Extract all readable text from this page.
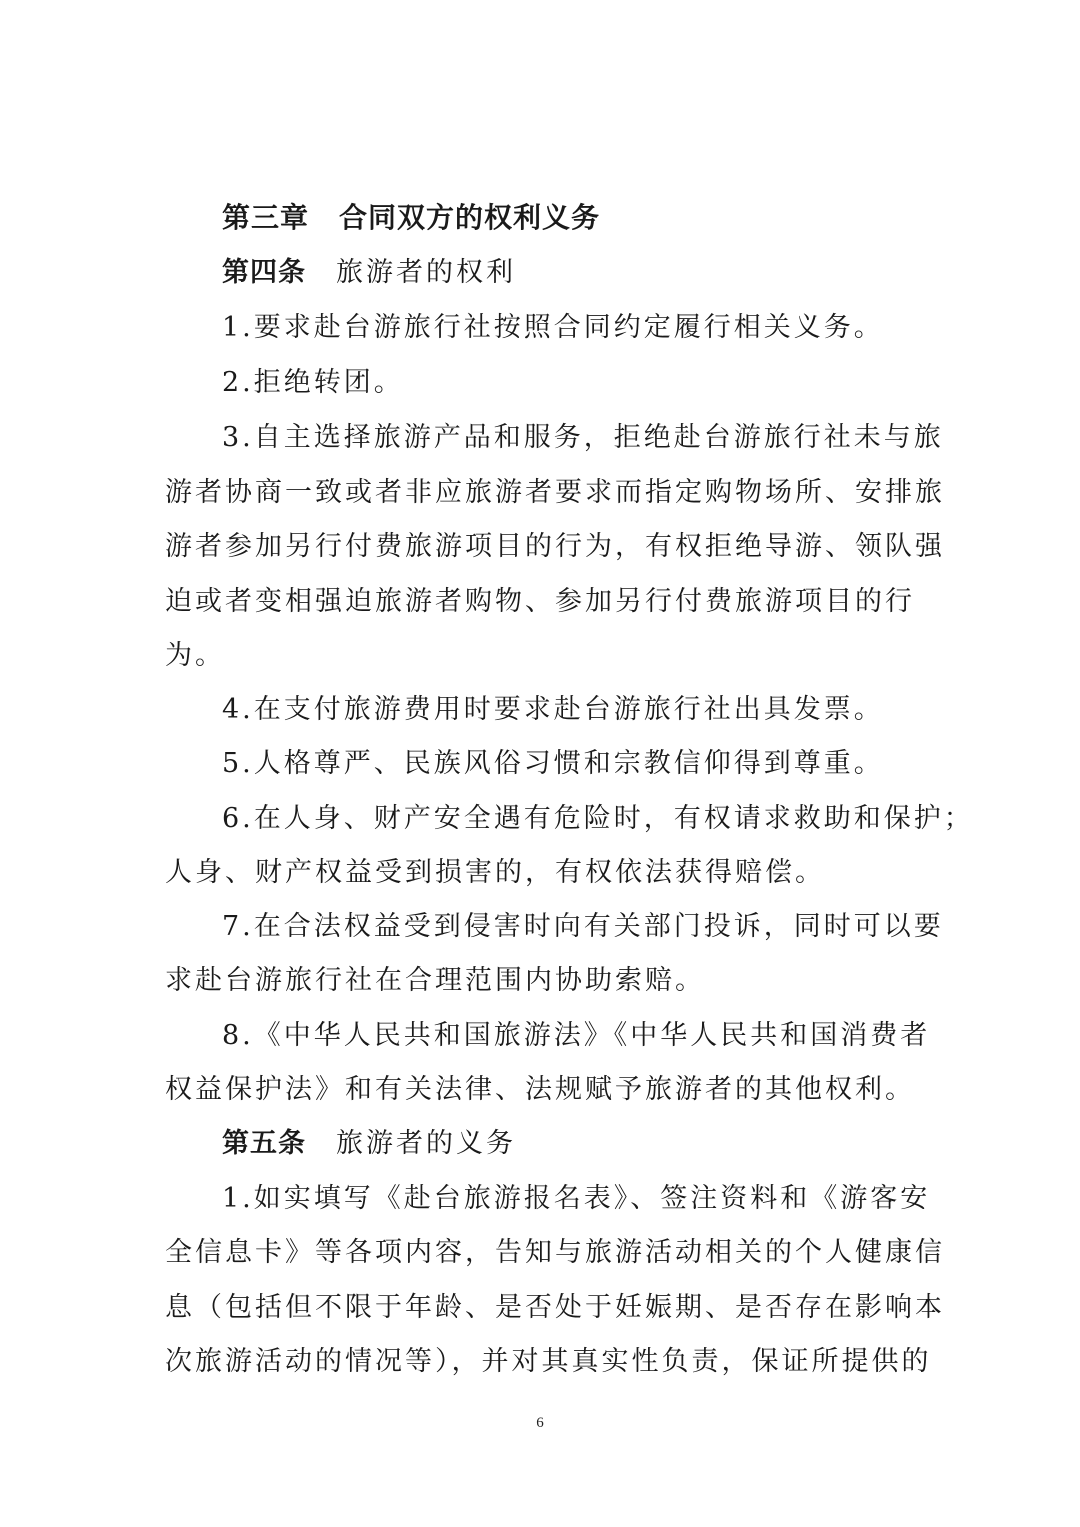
第三章 合同双方的权利义务
第四条 旅游者的权利
1.要求赴台游旅行社按照合同约定履行相关义务。
2.拒绝转团。
3.自主选择旅游产品和服务，拒绝赴台游旅行社未与旅
游者协商一致或者非应旅游者要求而指定购物场所、安排旅
游者参加另行付费旅游项目的行为，有权拒绝导游、领队强
迫或者变相强迫旅游者购物、参加另行付费旅游项目的行
为。
4.在支付旅游费用时要求赴台游旅行社出具发票。
5.人格尊严、民族风俗习惯和宗教信仰得到尊重。
6.在人身、财产安全遇有危险时，有权请求救助和保护；
人身、财产权益受到损害的，有权依法获得赔偿。
7.在合法权益受到侵害时向有关部门投诉，同时可以要
求赴台游旅行社在合理范围内协助索赔。
8.《中华人民共和国旅游法》《中华人民共和国消费者
权益保护法》和有关法律、法规赋予旅游者的其他权利。
第五条 旅游者的义务
1.如实填写《赴台旅游报名表》、签注资料和《游客安
全信息卡》等各项内容，告知与旅游活动相关的个人健康信
息（包括但不限于年龄、是否处于妊娠期、是否存在影响本
次旅游活动的情况等），并对其真实性负责，保证所提供的
6
